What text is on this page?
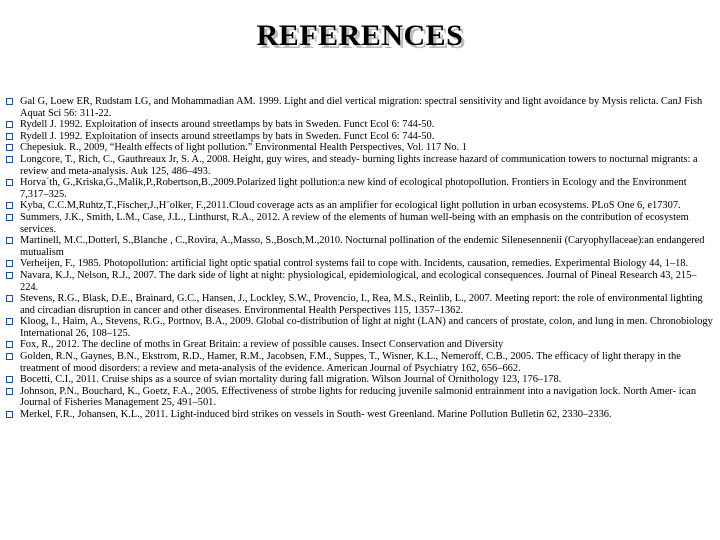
REFERENCES
Gal G, Loew ER, Rudstam LG, and Mohammadian AM. 1999. Light and diel vertical migration: spectral sensitivity and light avoidance by Mysis relicta. CanJ Fish Aquat Sci 56: 311-22.
Rydell J. 1992. Exploitation of insects around streetlamps by bats in Sweden. Funct Ecol 6: 744-50.
Rydell J. 1992. Exploitation of insects around streetlamps by bats in Sweden. Funct Ecol 6: 744-50.
Chepesiuk. R., 2009, “Health effects of light pollution.” Environmental Health Perspectives, Vol. 117 No. 1
Longcore, T., Rich, C., Gauthreaux Jr, S. A., 2008. Height, guy wires, and steady- burning lights increase hazard of communication towers to nocturnal migrants: a review and meta-analysis. Auk 125, 486–493.
Horva´th, G.,Kriska,G.,Malik,P.,Robertson,B.,2009.Polarized light pollution:a new kind of ecological photopollution. Frontiers in Ecology and the Environment 7,317–325.
Kyba, C.C.M,Ruhtz,T.,Fischer,J.,H¨olker, F.,2011.Cloud coverage acts as an amplifier for ecological light pollution in urban ecosystems. PLoS One 6, e17307.
Summers, J.K., Smith, L.M., Case, J.L., Linthurst, R.A., 2012. A review of the elements of human well-being with an emphasis on the contribution of ecosystem services.
Martinell, M.C.,Dotterl, S.,Blanche , C.,Rovira, A.,Masso, S.,Bosch,M.,2010. Nocturnal pollination of the endemic Silenesennenii (Caryophyllaceae):an endangered mutualism
Verheijen, F., 1985. Photopollution: artificial light optic spatial control systems fail to cope with. Incidents, causation, remedies. Experimental Biology 44, 1–18.
Navara, K.J., Nelson, R.J., 2007. The dark side of light at night: physiological, epidemiological, and ecological consequences. Journal of Pineal Research 43, 215–224.
Stevens, R.G., Blask, D.E., Brainard, G.C., Hansen, J., Lockley, S.W., Provencio, I., Rea, M.S., Reinlib, L., 2007. Meeting report: the role of environmental lighting and circadian disruption in cancer and other diseases. Environmental Health Perspectives 115, 1357–1362.
Kloog, I., Haim, A., Stevens, R.G., Portnov, B.A., 2009. Global co-distribution of light at night (LAN) and cancers of prostate, colon, and lung in men. Chronobiology International 26, 108–125.
Fox, R., 2012. The decline of moths in Great Britain: a review of possible causes. Insect Conservation and Diversity
Golden, R.N., Gaynes, B.N., Ekstrom, R.D., Hamer, R.M., Jacobsen, F.M., Suppes, T., Wisner, K.L., Nemeroff, C.B., 2005. The efficacy of light therapy in the treatment of mood disorders: a review and meta-analysis of the evidence. American Journal of Psychiatry 162, 656–662.
Bocetti, C.I., 2011. Cruise ships as a source of svian mortality during fall migration. Wilson Journal of Ornithology 123, 176–178.
Johnson, P.N., Bouchard, K., Goetz, F.A., 2005. Effectiveness of strobe lights for reducing juvenile salmonid entrainment into a navigation lock. North Amer- ican Journal of Fisheries Management 25, 491–501.
Merkel, F.R., Johansen, K.L., 2011. Light-induced bird strikes on vessels in South- west Greenland. Marine Pollution Bulletin 62, 2330–2336.
